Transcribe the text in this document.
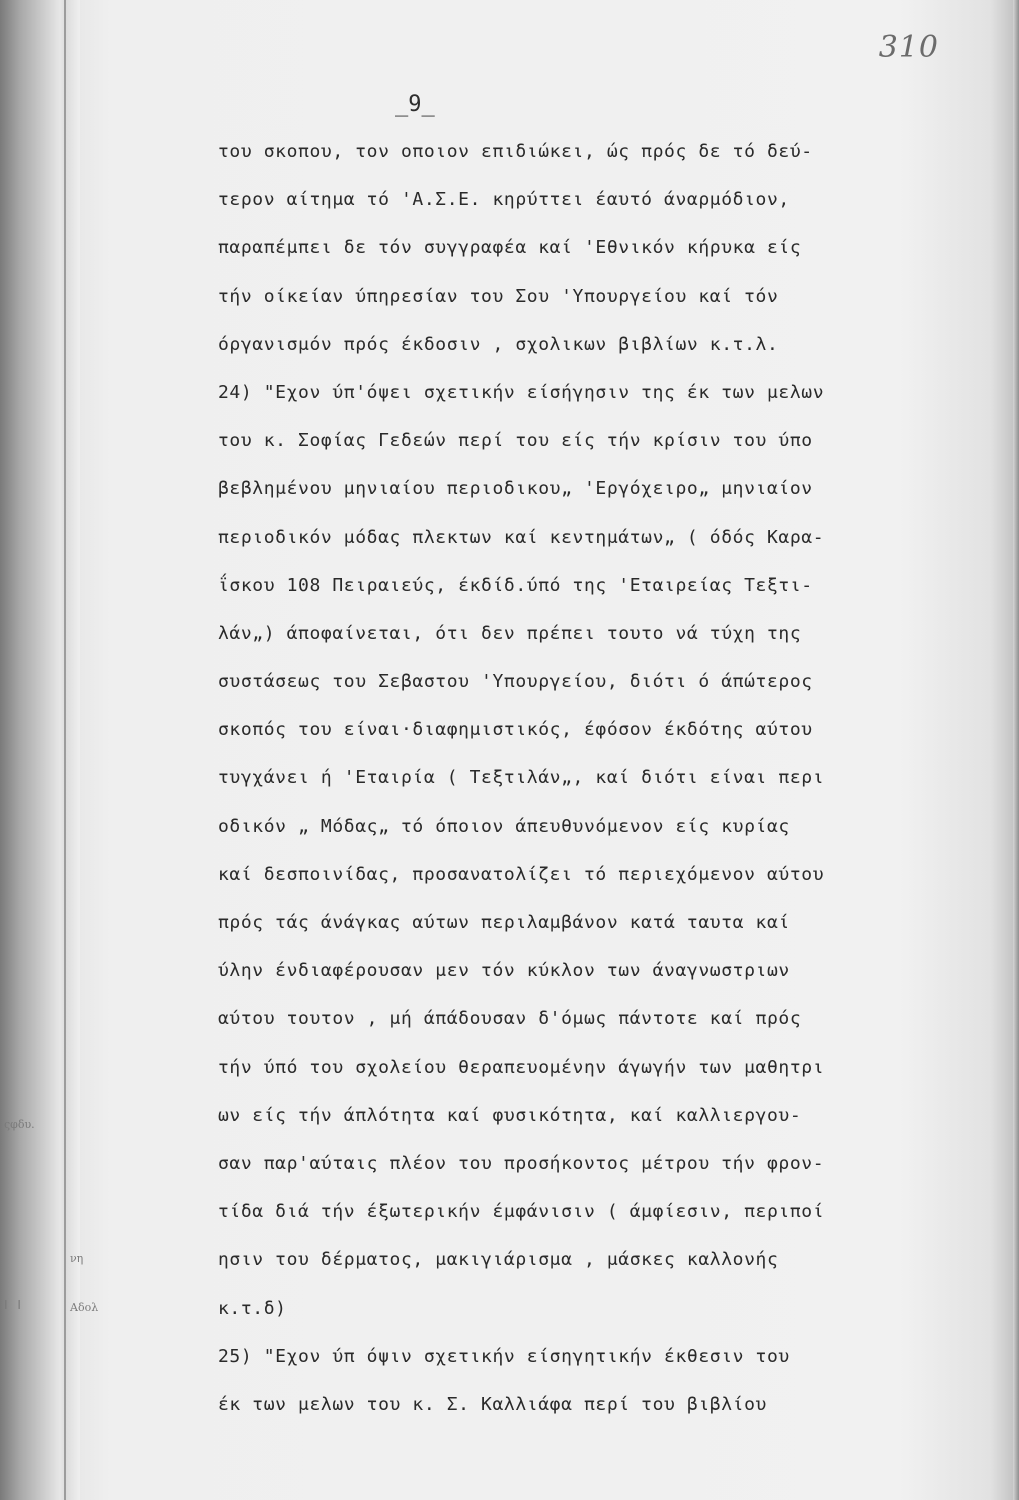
ςφδυ.
νη
Ι Ι	Αδολ
310
_9_
του σκοπου, τον οποιον επιδιώκει, ώς πρός δε τό δεύ-
τερον αίτημα τό 'Α.Σ.Ε. κηρύττει έαυτό άναρμόδιον,
παραπέμπει δε τόν συγγραφέα καί 'Εθνικόν κήρυκα είς
τήν οίκείαν ύπηρεσίαν του Σου 'Υπουργείου καί τόν
όργανισμόν πρός έκδοσιν , σχολικων βιβλίων κ.τ.λ.
24) "Εχον ύπ'όψει σχετικήν είσήγησιν της έκ των μελων
του κ. Σοφίας Γεδεών περί του είς τήν κρίσιν του ύπο
βεβλημένου μηνιαίου περιοδικου„ 'Εργόχειρο„ μηνιαίον
περιοδικόν μόδας πλεκτων καί κεντημάτων„ ( όδός Καρα-
ΐσκου 108 Πειραιεύς, έκδίδ.ύπό της 'Εταιρείας Τεξτι-
λάν„) άποφαίνεται, ότι δεν πρέπει τουτο νά τύχη της
συστάσεως του Σεβαστου 'Υπουργείου, διότι ό άπώτερος
σκοπός του είναι·διαφημιστικός, έφόσον έκδότης αύτου
τυγχάνει ή 'Εταιρία ( Τεξτιλάν„, καί διότι είναι περι
οδικόν „ Μόδας„ τό όποιον άπευθυνόμενον είς κυρίας
καί δεσποινίδας, προσανατολίζει τό περιεχόμενον αύτου
πρός τάς άνάγκας αύτων περιλαμβάνον κατά ταυτα καί
ύλην ένδιαφέρουσαν μεν τόν κύκλον των άναγνωστριων
αύτου τουτον , μή άπάδουσαν δ'όμως πάντοτε καί πρός
τήν ύπό του σχολείου θεραπευομένην άγωγήν των μαθητρι
ων είς τήν άπλότητα καί φυσικότητα, καί καλλιεργου-
σαν παρ'αύταις πλέον του προσήκοντος μέτρου τήν φρον-
τίδα διά τήν έξωτερικήν έμφάνισιν ( άμφίεσιν, περιποί
ησιν του δέρματος, μακιγιάρισμα , μάσκες καλλονής
κ.τ.δ)
25) "Εχον ύπ όψιν σχετικήν είσηγητικήν έκθεσιν του
έκ των μελων του κ. Σ. Καλλιάφα περί του βιβλίου
